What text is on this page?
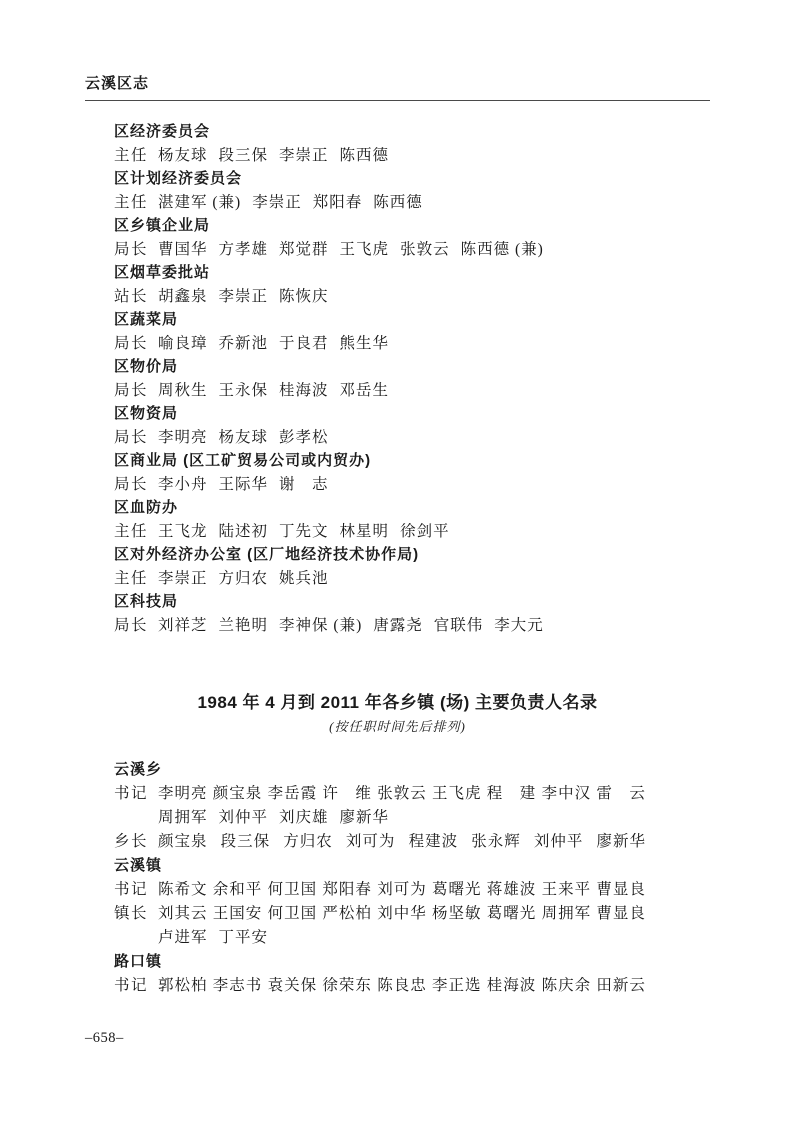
云溪区志
区经济委员会
主任 杨友球 段三保 李崇正 陈西德
区计划经济委员会
主任 湛建军 (兼) 李崇正 郑阳春 陈西德
区乡镇企业局
局长 曹国华 方孝雄 郑觉群 王飞虎 张敦云 陈西德 (兼)
区烟草委批站
站长 胡鑫泉 李崇正 陈恢庆
区蔬菜局
局长 喻良璋 乔新池 于良君 熊生华
区物价局
局长 周秋生 王永保 桂海波 邓岳生
区物资局
局长 李明亮 杨友球 彭孝松
区商业局 (区工矿贸易公司或内贸办)
局长 李小舟 王际华 谢　志
区血防办
主任 王飞龙 陆述初 丁先文 林星明 徐剑平
区对外经济办公室 (区厂地经济技术协作局)
主任 李崇正 方归农 姚兵池
区科技局
局长 刘祥芝 兰艳明 李神保 (兼) 唐露尧 官联伟 李大元
1984 年 4 月到 2011 年各乡镇 (场) 主要负责人名录
(按任职时间先后排列)
云溪乡
书记 李明亮 颜宝泉 李岳霞 许　维 张敦云 王飞虎 程　建 李中汉 雷　云
周拥军 刘仲平 刘庆雄 廖新华
乡长 颜宝泉 段三保 方归农 刘可为 程建波 张永辉 刘仲平 廖新华
云溪镇
书记 陈希文 余和平 何卫国 郑阳春 刘可为 葛曙光 蒋雄波 王来平 曹显良
镇长 刘其云 王国安 何卫国 严松柏 刘中华 杨坚敏 葛曙光 周拥军 曹显良
卢进军 丁平安
路口镇
书记 郭松柏 李志书 袁关保 徐荣东 陈良忠 李正选 桂海波 陈庆余 田新云
–658–
